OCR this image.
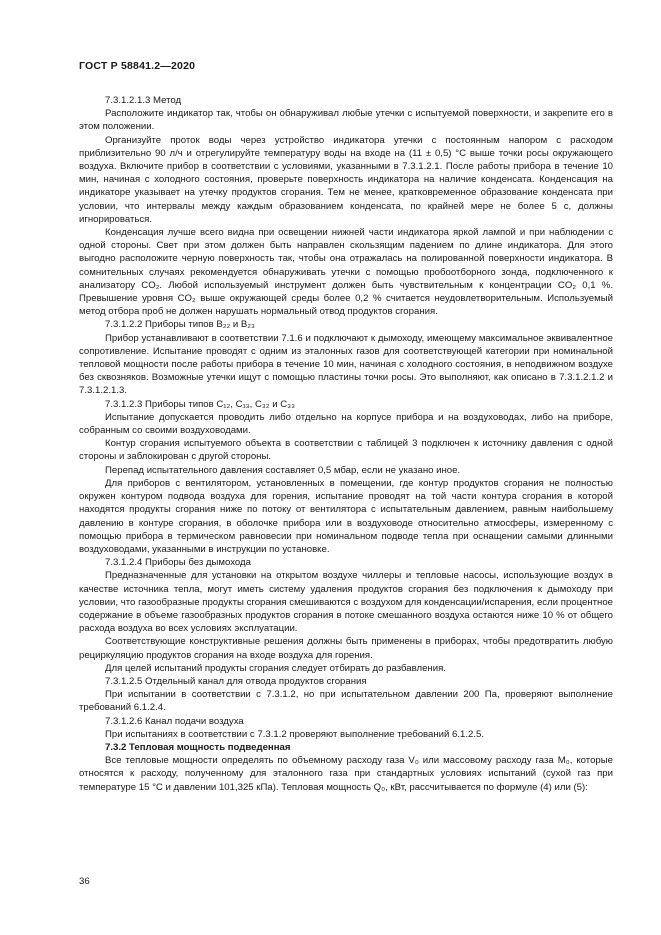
ГОСТ Р 58841.2—2020

7.3.1.2.1.3 Метод

Расположите индикатор так, чтобы он обнаруживал любые утечки с испытуемой поверхности, и закрепите его в этом положении.

Организуйте проток воды через устройство индикатора утечки с постоянным напором с расходом приблизительно 90 л/ч и отрегулируйте температуру воды на входе на (11 ± 0,5) °С выше точки росы окружающего воздуха. Включите прибор в соответствии с условиями, указанными в 7.3.1.2.1. После работы прибора в течение 10 мин, начиная с холодного состояния, проверьте поверхность индикатора на наличие конденсата. Конденсация на индикаторе указывает на утечку продуктов сгорания. Тем не менее, кратковременное образование конденсата при условии, что интервалы между каждым образованием конденсата, по крайней мере не более 5 с, должны игнорироваться.

Конденсация лучше всего видна при освещении нижней части индикатора яркой лампой и при наблюдении с одной стороны. Свет при этом должен быть направлен скользящим падением по длине индикатора. Для этого выгодно расположите черную поверхность так, чтобы она отражалась на полированной поверхности индикатора. В сомнительных случаях рекомендуется обнаруживать утечки с помощью пробоотборного зонда, подключенного к анализатору CO₂. Любой используемый инструмент должен быть чувствительным к концентрации CO₂ 0,1 %. Превышение уровня CO₂ выше окружающей среды более 0,2 % считается неудовлетворительным. Используемый метод отбора проб не должен нарушать нормальный отвод продуктов сгорания.

7.3.1.2.2 Приборы типов B₂₂ и B₂₃

Прибор устанавливают в соответствии 7.1.6 и подключают к дымоходу, имеющему максимальное эквивалентное сопротивление. Испытание проводят с одним из эталонных газов для соответствующей категории при номинальной тепловой мощности после работы прибора в течение 10 мин, начиная с холодного состояния, в неподвижном воздухе без сквозняков. Возможные утечки ищут с помощью пластины точки росы. Это выполняют, как описано в 7.3.1.2.1.2 и 7.3.1.2.1.3.

7.3.1.2.3 Приборы типов C₁₂, C₁₃, C₃₂ и C₃₃

Испытание допускается проводить либо отдельно на корпусе прибора и на воздуховодах, либо на приборе, собранным со своими воздуховодами.

Контур сгорания испытуемого объекта в соответствии с таблицей 3 подключен к источнику давления с одной стороны и заблокирован с другой стороны.

Перепад испытательного давления составляет 0,5 мбар, если не указано иное.

Для приборов с вентилятором, установленных в помещении, где контур продуктов сгорания не полностью окружен контуром подвода воздуха для горения, испытание проводят на той части контура сгорания в которой находятся продукты сгорания ниже по потоку от вентилятора с испытательным давлением, равным наибольшему давлению в контуре сгорания, в оболочке прибора или в воздуховоде относительно атмосферы, измеренному с помощью прибора в термическом равновесии при номинальном подводе тепла при оснащении самыми длинными воздуховодами, указанными в инструкции по установке.

7.3.1.2.4 Приборы без дымохода

Предназначенные для установки на открытом воздухе чиллеры и тепловые насосы, использующие воздух в качестве источника тепла, могут иметь систему удаления продуктов сгорания без подключения к дымоходу при условии, что газообразные продукты сгорания смешиваются с воздухом для конденсации/испарения, если процентное содержание в объеме газообразных продуктов сгорания в потоке смешанного воздуха остаются ниже 10 % от общего расхода воздуха во всех условиях эксплуатации.

Соответствующие конструктивные решения должны быть применены в приборах, чтобы предотвратить любую рециркуляцию продуктов сгорания на входе воздуха для горения.

Для целей испытаний продукты сгорания следует отбирать до разбавления.

7.3.1.2.5 Отдельный канал для отвода продуктов сгорания

При испытании в соответствии с 7.3.1.2, но при испытательном давлении 200 Па, проверяют выполнение требований 6.1.2.4.

7.3.1.2.6 Канал подачи воздуха

При испытаниях в соответствии с 7.3.1.2 проверяют выполнение требований 6.1.2.5.

7.3.2 Тепловая мощность подведенная

Все тепловые мощности определять по объемному расходу газа V₀ или массовому расходу газа M₀, которые относятся к расходу, полученному для эталонного газа при стандартных условиях испытаний (сухой газ при температуре 15 °С и давлении 101,325 кПа). Тепловая мощность Q₀, кВт, рассчитывается по формуле (4) или (5):

36
